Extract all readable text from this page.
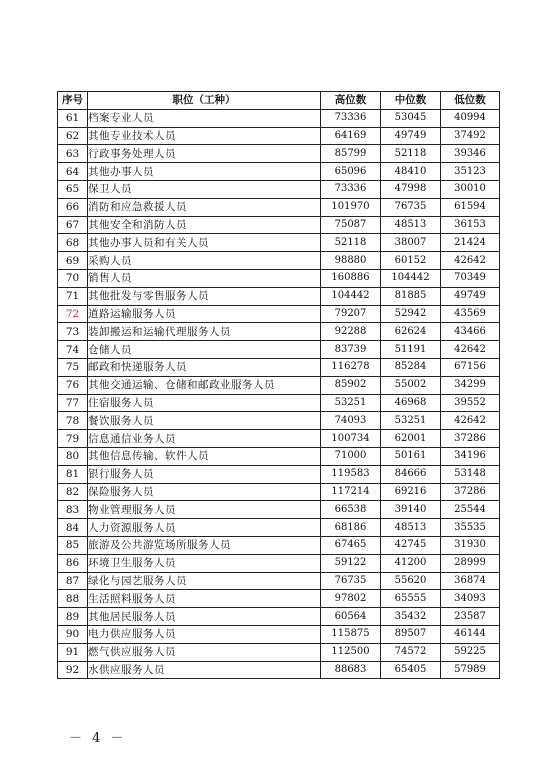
序号	职位（工种）	高位数	中位数	低位数
61	档案专业人员	73336	53045	40994
62	其他专业技术人员	64169	49749	37492
63	行政事务处理人员	85799	52118	39346
64	其他办事人员	65096	48410	35123
65	保卫人员	73336	47998	30010
66	消防和应急救援人员	101970	76735	61594
67	其他安全和消防人员	75087	48513	36153
68	其他办事人员和有关人员	52118	38007	21424
69	采购人员	98880	60152	42642
70	销售人员	160886	104442	70349
71	其他批发与零售服务人员	104442	81885	49749
72	道路运输服务人员	79207	52942	43569
73	装卸搬运和运输代理服务人员	92288	62624	43466
74	仓储人员	83739	51191	42642
75	邮政和快递服务人员	116278	85284	67156
76	其他交通运输、仓储和邮政业服务人员	85902	55002	34299
77	住宿服务人员	53251	46968	39552
78	餐饮服务人员	74093	53251	42642
79	信息通信业务人员	100734	62001	37286
80	其他信息传输、软件人员	71000	50161	34196
81	银行服务人员	119583	84666	53148
82	保险服务人员	117214	69216	37286
83	物业管理服务人员	66538	39140	25544
84	人力资源服务人员	68186	48513	35535
85	旅游及公共游览场所服务人员	67465	42745	31930
86	环境卫生服务人员	59122	41200	28999
87	绿化与园艺服务人员	76735	55620	36874
88	生活照料服务人员	97802	65555	34093
89	其他居民服务人员	60564	35432	23587
90	电力供应服务人员	115875	89507	46144
91	燃气供应服务人员	112500	74572	59225
92	水供应服务人员	88683	65405	57989
－ 4 －
